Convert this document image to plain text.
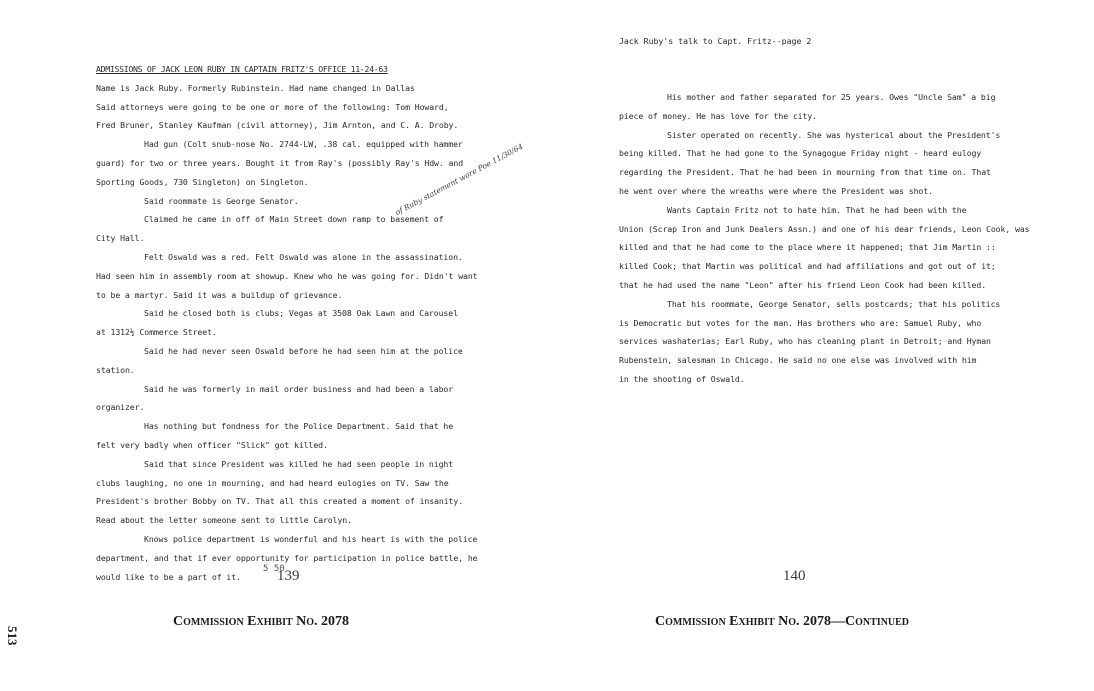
ADMISSIONS OF JACK LEON RUBY IN CAPTAIN FRITZ'S OFFICE 11-24-63

Name is Jack Ruby. Formerly Rubinstein. Had name changed in Dallas

Said attorneys were going to be one or more of the following: Tom Howard,

Fred Bruner, Stanley Kaufman (civil attorney), Jim Arnton, and C. A. Droby.

Had gun (Colt snub-nose No. 2744-LW, .38 cal. equipped with hammer

guard) for two or three years. Bought it from Ray's (possibly Ray's Hdw. and

Sporting Goods, 730 Singleton) on Singleton.

Said roommate is George Senator.

Claimed he came in off of Main Street down ramp to basement of

City Hall.

Felt Oswald was a red. Felt Oswald was alone in the assassination.

Had seen him in assembly room at showup. Knew who he was going for. Didn't want

to be a martyr. Said it was a buildup of grievance.

Said he closed both is clubs; Vegas at 3508 Oak Lawn and Carousel

at 1312½ Commerce Street.

Said he had never seen Oswald before he had seen him at the police

station.

Said he was formerly in mail order business and had been a labor

organizer.

Has nothing but fondness for the Police Department. Said that he

felt very badly when officer "Slick" got killed.

Said that since President was killed he had seen people in night

clubs laughing, no one in mourning, and had heard eulogies on TV. Saw the

President's brother Bobby on TV. That all this created a moment of insanity.

Read about the letter someone sent to little Carolyn.

Knows police department is wonderful and his heart is with the police

department, and that if ever opportunity for participation in police battle, he

would like to be a part of it.

of Ruby statement wore Poe 11/30/64
5 50
139
Commission Exhibit No. 2078
Jack Ruby's talk to Capt. Fritz--page 2

His mother and father separated for 25 years. Owes "Uncle Sam" a big

piece of money. He has love for the city.

Sister operated on recently. She was hysterical about the President's

being killed. That he had gone to the Synagogue Friday night - heard eulogy

regarding the President. That he had been in mourning from that time on. That

he went over where the wreaths were where the President was shot.

Wants Captain Fritz not to hate him. That he had been with the

Union (Scrap Iron and Junk Dealers Assn.) and one of his dear friends, Leon Cook, was

killed and that he had come to the place where it happened; that Jim Martin ::

killed Cook; that Martin was political and had affiliations and got out of it;

that he had used the name "Leon" after his friend Leon Cook had been killed.

That his roommate, George Senator, sells postcards; that his politics

is Democratic but votes for the man. Has brothers who are: Samuel Ruby, who

services washaterias; Earl Ruby, who has cleaning plant in Detroit; and Hyman

Rubenstein, salesman in Chicago. He said no one else was involved with him

in the shooting of Oswald.

140
Commission Exhibit No. 2078—Continued
513
